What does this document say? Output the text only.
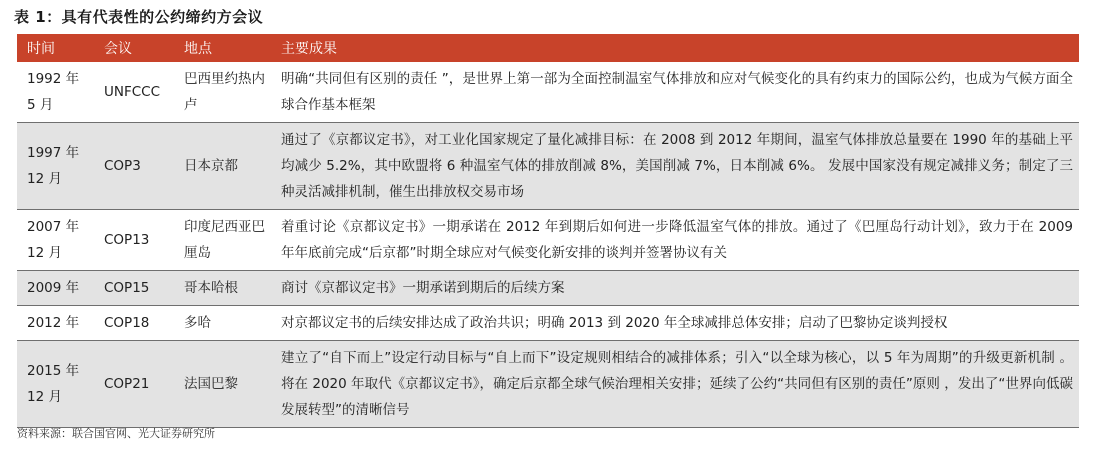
表 1：具有代表性的公约缔约方会议
时间	会议	地点	主要成果
1992 年 5 月	UNFCCC	巴西里约热内卢	明确“共同但有区别的责任 ”，是世界上第一部为全面控制温室气体排放和应对气候变化的具有约束力的国际公约，也成为气候方面全球合作基本框架
1997 年 12 月	COP3	日本京都	通过了《京都议定书》，对工业化国家规定了量化减排目标：在 2008 到 2012 年期间，温室气体排放总量要在 1990 年的基础上平均减少 5.2%，其中欧盟将 6 种温室气体的排放削减 8%，美国削减 7%，日本削减 6%。 发展中国家没有规定减排义务；制定了三种灵活减排机制，催生出排放权交易市场
2007 年 12 月	COP13	印度尼西亚巴厘岛	着重讨论《京都议定书》一期承诺在 2012 年到期后如何进一步降低温室气体的排放。通过了《巴厘岛行动计划》，致力于在 2009 年年底前完成“后京都”时期全球应对气候变化新安排的谈判并签署协议有关
2009 年	COP15	哥本哈根	商讨《京都议定书》一期承诺到期后的后续方案
2012 年	COP18	多哈	对京都议定书的后续安排达成了政治共识；明确 2013 到 2020 年全球减排总体安排；启动了巴黎协定谈判授权
2015 年 12 月	COP21	法国巴黎	建立了“自下而上”设定行动目标与“自上而下”设定规则相结合的减排体系；引入“以全球为核心，以 5 年为周期”的升级更新机制 。将在 2020 年取代《京都议定书》，确定后京都全球气候治理相关安排；延续了公约“共同但有区别的责任”原则 ，发出了“世界向低碳发展转型”的清晰信号
资料来源：联合国官网、光大证券研究所
